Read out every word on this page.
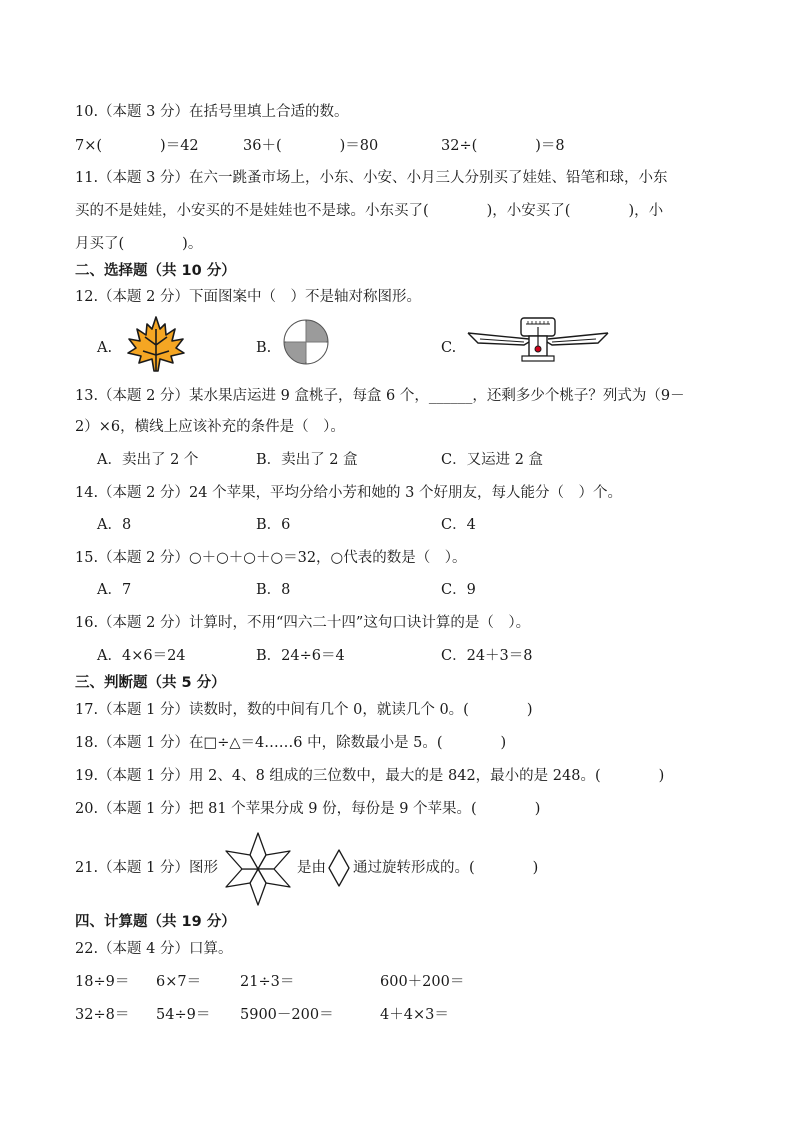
10.（本题 3 分）在括号里填上合适的数。
7×(　　　　)＝42	36＋(　　　　)＝80	32÷(　　　　)＝8
11.（本题 3 分）在六一跳蚤市场上，小东、小安、小月三人分别买了娃娃、铅笔和球，小东
买的不是娃娃，小安买的不是娃娃也不是球。小东买了(　　　　)，小安买了(　　　　)，小
月买了(　　　　)。
二、选择题（共 10 分）
12.（本题 2 分）下面图案中（　）不是轴对称图形。
A.	B.	C.
13.（本题 2 分）某水果店运进 9 盒桃子，每盒 6 个，______，还剩多少个桃子？列式为（9－
2）×6，横线上应该补充的条件是（　）。
A．卖出了 2 个	B．卖出了 2 盒	C．又运进 2 盒
14.（本题 2 分）24 个苹果，平均分给小芳和她的 3 个好朋友，每人能分（　）个。
A．8	B．6	C．4
15.（本题 2 分）○＋○＋○＋○＝32，○代表的数是（　）。
A．7	B．8	C．9
16.（本题 2 分）计算时，不用“四六二十四”这句口诀计算的是（　）。
A．4×6＝24	B．24÷6＝4	C．24＋3＝8
三、判断题（共 5 分）
17.（本题 1 分）读数时，数的中间有几个 0，就读几个 0。(　　　　)
18.（本题 1 分）在□÷△＝4……6 中，除数最小是 5。(　　　　)
19.（本题 1 分）用 2、4、8 组成的三位数中，最大的是 842，最小的是 248。(　　　　)
20.（本题 1 分）把 81 个苹果分成 9 份，每份是 9 个苹果。(　　　　)
21.（本题 1 分）图形	是由 通过旋转形成的。(　　　　)
四、计算题（共 19 分）
22.（本题 4 分）口算。
18÷9＝ 6×7＝	21÷3＝	600＋200＝
32÷8＝ 54÷9＝ 5900－200＝	4＋4×3＝
